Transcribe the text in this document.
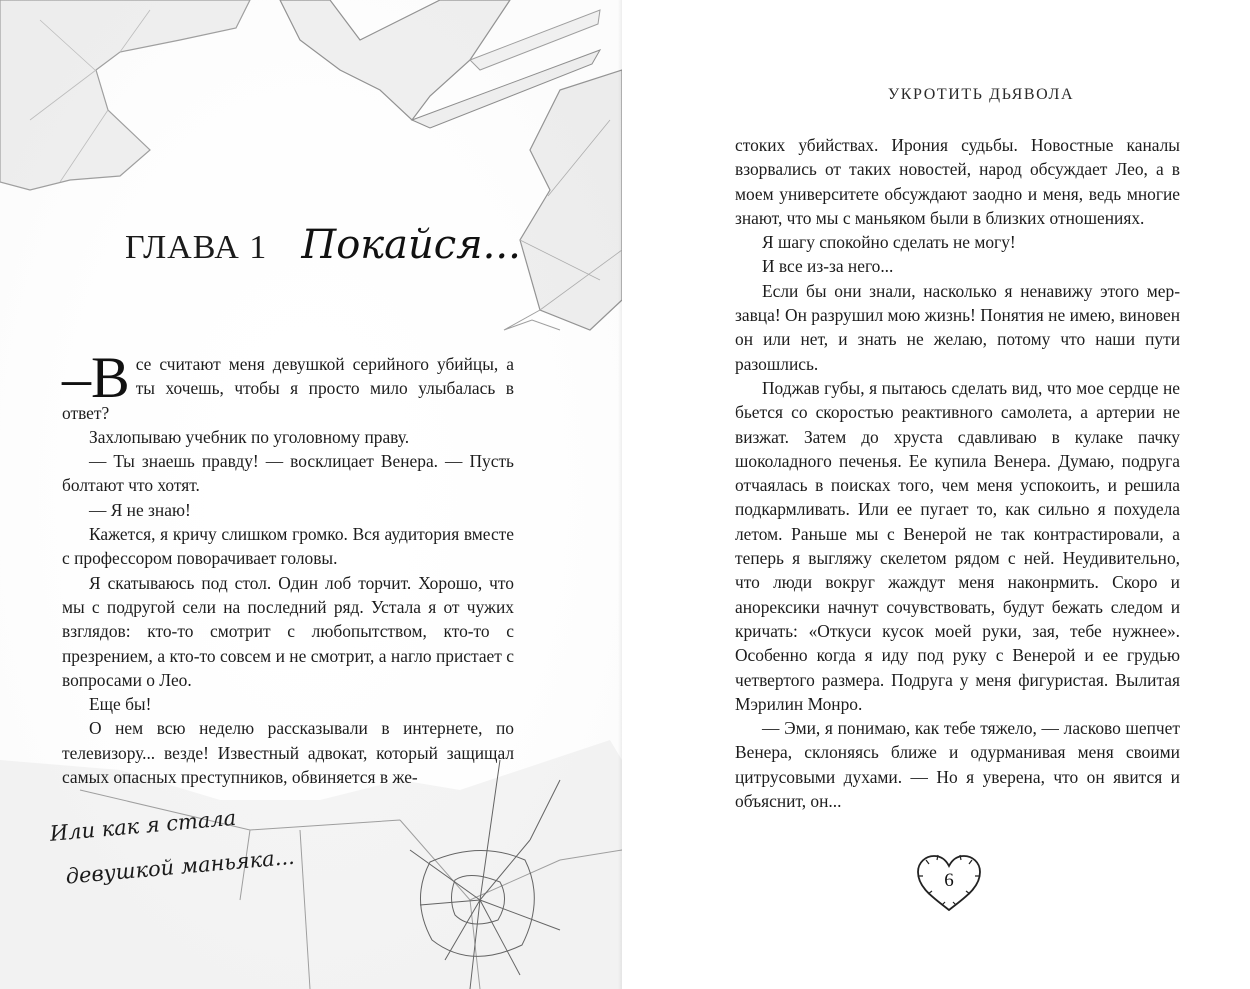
ГЛАВА 1 Покайся...

–В се считают меня девушкой серийного убийцы, а ты хочешь, чтобы я просто мило улыбалась в ответ?

Захлопываю учебник по уголовному праву.

— Ты знаешь правду! — восклицает Венера. — Пусть болтают что хотят.

— Я не знаю!

Кажется, я кричу слишком громко. Вся аудитория вместе с профессором поворачивает головы.

Я скатываюсь под стол. Один лоб торчит. Хорошо, что мы с подругой сели на последний ряд. Устала я от чужих взглядов: кто-то смотрит с любопытством, кто-то с презрением, а кто-то совсем и не смотрит, а нагло пристает с вопросами о Лео.

Еще бы!

О нем всю неделю рассказывали в интернете, по телевизору... везде! Известный адвокат, который защищал самых опасных преступников, обвиняется в же-

Или как я стала
девушкой маньяка...
УКРОТИТЬ ДЬЯВОЛА

стоких убийствах. Ирония судьбы. Новостные каналы взорвались от таких новостей, народ обсуждает Лео, а в моем университете обсуждают заодно и меня, ведь многие знают, что мы с маньяком были в близких отношениях.

Я шагу спокойно сделать не могу!

И все из-за него...

Если бы они знали, насколько я ненавижу этого мерзавца! Он разрушил мою жизнь! Понятия не имею, виновен он или нет, и знать не желаю, потому что наши пути разошлись.

Поджав губы, я пытаюсь сделать вид, что мое сердце не бьется со скоростью реактивного самолета, а артерии не визжат. Затем до хруста сдавливаю в кулаке пачку шоколадного печенья. Ее купила Венера. Думаю, подруга отчаялась в поисках того, чем меня успокоить, и решила подкармливать. Или ее пугает то, как сильно я похудела летом. Раньше мы с Венерой не так контрастировали, а теперь я выгляжу скелетом рядом с ней. Неудивительно, что люди вокруг жаждут меня наконрмить. Скоро и анорексики начнут сочувствовать, будут бежать следом и кричать: «Откуси кусок моей руки, зая, тебе нужнее». Особенно когда я иду под руку с Венерой и ее грудью четвертого размера. Подруга у меня фигуристая. Вылитая Мэрилин Монро.

— Эми, я понимаю, как тебе тяжело, — ласково шепчет Венера, склоняясь ближе и одурманивая меня своими цитрусовыми духами. — Но я уверена, что он явится и объяснит, он...

6
